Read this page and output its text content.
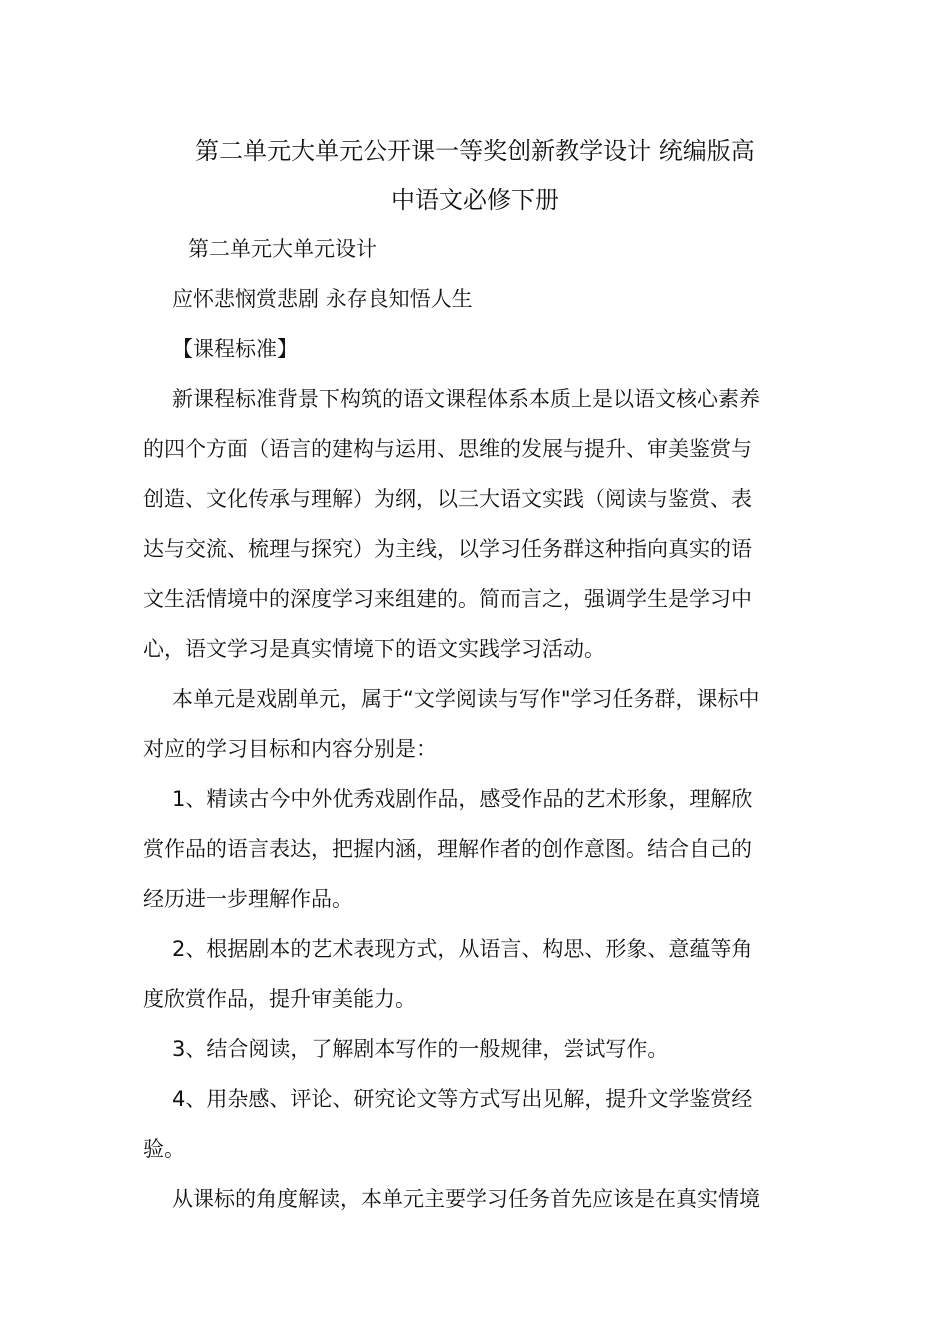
第二单元大单元公开课一等奖创新教学设计 统编版高
中语文必修下册

第二单元大单元设计

应怀悲悯赏悲剧 永存良知悟人生

【课程标准】

新课程标准背景下构筑的语文课程体系本质上是以语文核心素养

的四个方面（语言的建构与运用、思维的发展与提升、审美鉴赏与

创造、文化传承与理解）为纲，以三大语文实践（阅读与鉴赏、表

达与交流、梳理与探究）为主线，以学习任务群这种指向真实的语

文生活情境中的深度学习来组建的。简而言之，强调学生是学习中

心，语文学习是真实情境下的语文实践学习活动。

本单元是戏剧单元，属于“文学阅读与写作"学习任务群，课标中

对应的学习目标和内容分别是：

1、精读古今中外优秀戏剧作品，感受作品的艺术形象，理解欣

赏作品的语言表达，把握内涵，理解作者的创作意图。结合自己的

经历进一步理解作品。

2、根据剧本的艺术表现方式，从语言、构思、形象、意蕴等角

度欣赏作品，提升审美能力。

3、结合阅读，了解剧本写作的一般规律，尝试写作。

4、用杂感、评论、研究论文等方式写出见解，提升文学鉴赏经

验。

从课标的角度解读，本单元主要学习任务首先应该是在真实情境
